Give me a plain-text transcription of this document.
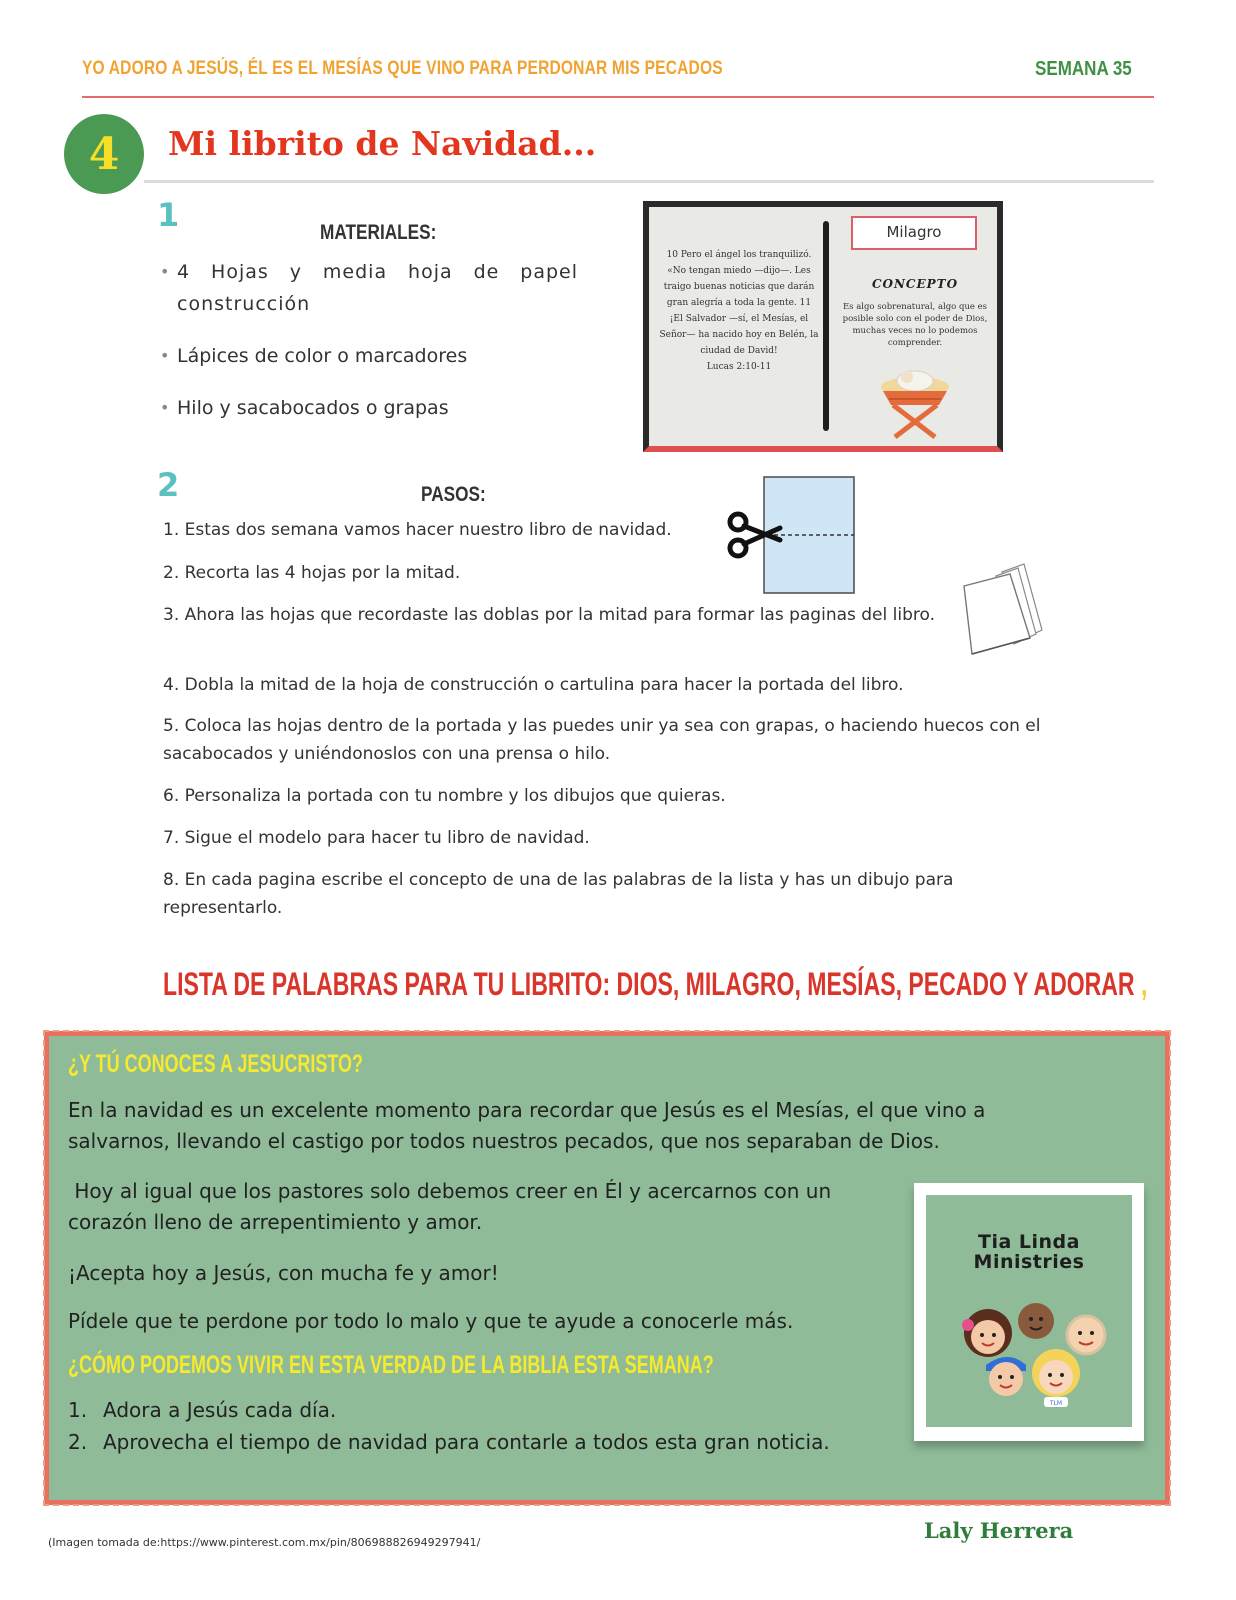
YO ADORO A JESÚS, ÉL ES EL MESÍAS QUE VINO PARA PERDONAR MIS PECADOS	SEMANA 35
4	Mi librito de Navidad...
1	MATERIALES:
• 4 Hojas y media hoja de papel construcción
• Lápices de color o marcadores
• Hilo y sacabocados o grapas
10 Pero el ángel los tranquilizó. «No tengan miedo —dijo—. Les traigo buenas noticias que darán gran alegría a toda la gente. 11 ¡El Salvador —sí, el Mesías, el Señor— ha nacido hoy en Belén, la ciudad de David!
Lucas 2:10-11
Milagro
CONCEPTO
Es algo sobrenatural, algo que es posible solo con el poder de Dios, muchas veces no lo podemos comprender.
2	PASOS:

1. Estas dos semana vamos hacer nuestro libro de navidad.

2. Recorta las 4 hojas por la mitad.

3. Ahora las hojas que recordaste las doblas por la mitad para formar las paginas del libro.

4. Dobla la mitad de la hoja de construcción o cartulina para hacer la portada del libro.

5. Coloca las hojas dentro de la portada y las puedes unir ya sea con grapas, o haciendo huecos con el sacabocados y uniéndonoslos con una prensa o hilo.

6. Personaliza la portada con tu nombre y los dibujos que quieras.

7. Sigue el modelo para hacer tu libro de navidad.

8. En cada pagina escribe el concepto de una de las palabras de la lista y has un dibujo para representarlo.

LISTA DE PALABRAS PARA TU LIBRITO: DIOS, MILAGRO, MESÍAS, PECADO Y ADORAR ,
¿Y TÚ CONOCES A JESUCRISTO?

En la navidad es un excelente momento para recordar que Jesús es el Mesías, el que vino a salvarnos, llevando el castigo por todos nuestros pecados, que nos separaban de Dios.

Hoy al igual que los pastores solo debemos creer en Él y acercarnos con un corazón lleno de arrepentimiento y amor.

¡Acepta hoy a Jesús, con mucha fe y amor!

Pídele que te perdone por todo lo malo y que te ayude a conocerle más.

¿CÓMO PODEMOS VIVIR EN ESTA VERDAD DE LA BIBLIA ESTA SEMANA?
1. Adora a Jesús cada día.
2. Aprovecha el tiempo de navidad para contarle a todos esta gran noticia.
Tia Linda
Ministries
TLM
(Imagen tomada de:https://www.pinterest.com.mx/pin/806988826949297941/	Laly Herrera
